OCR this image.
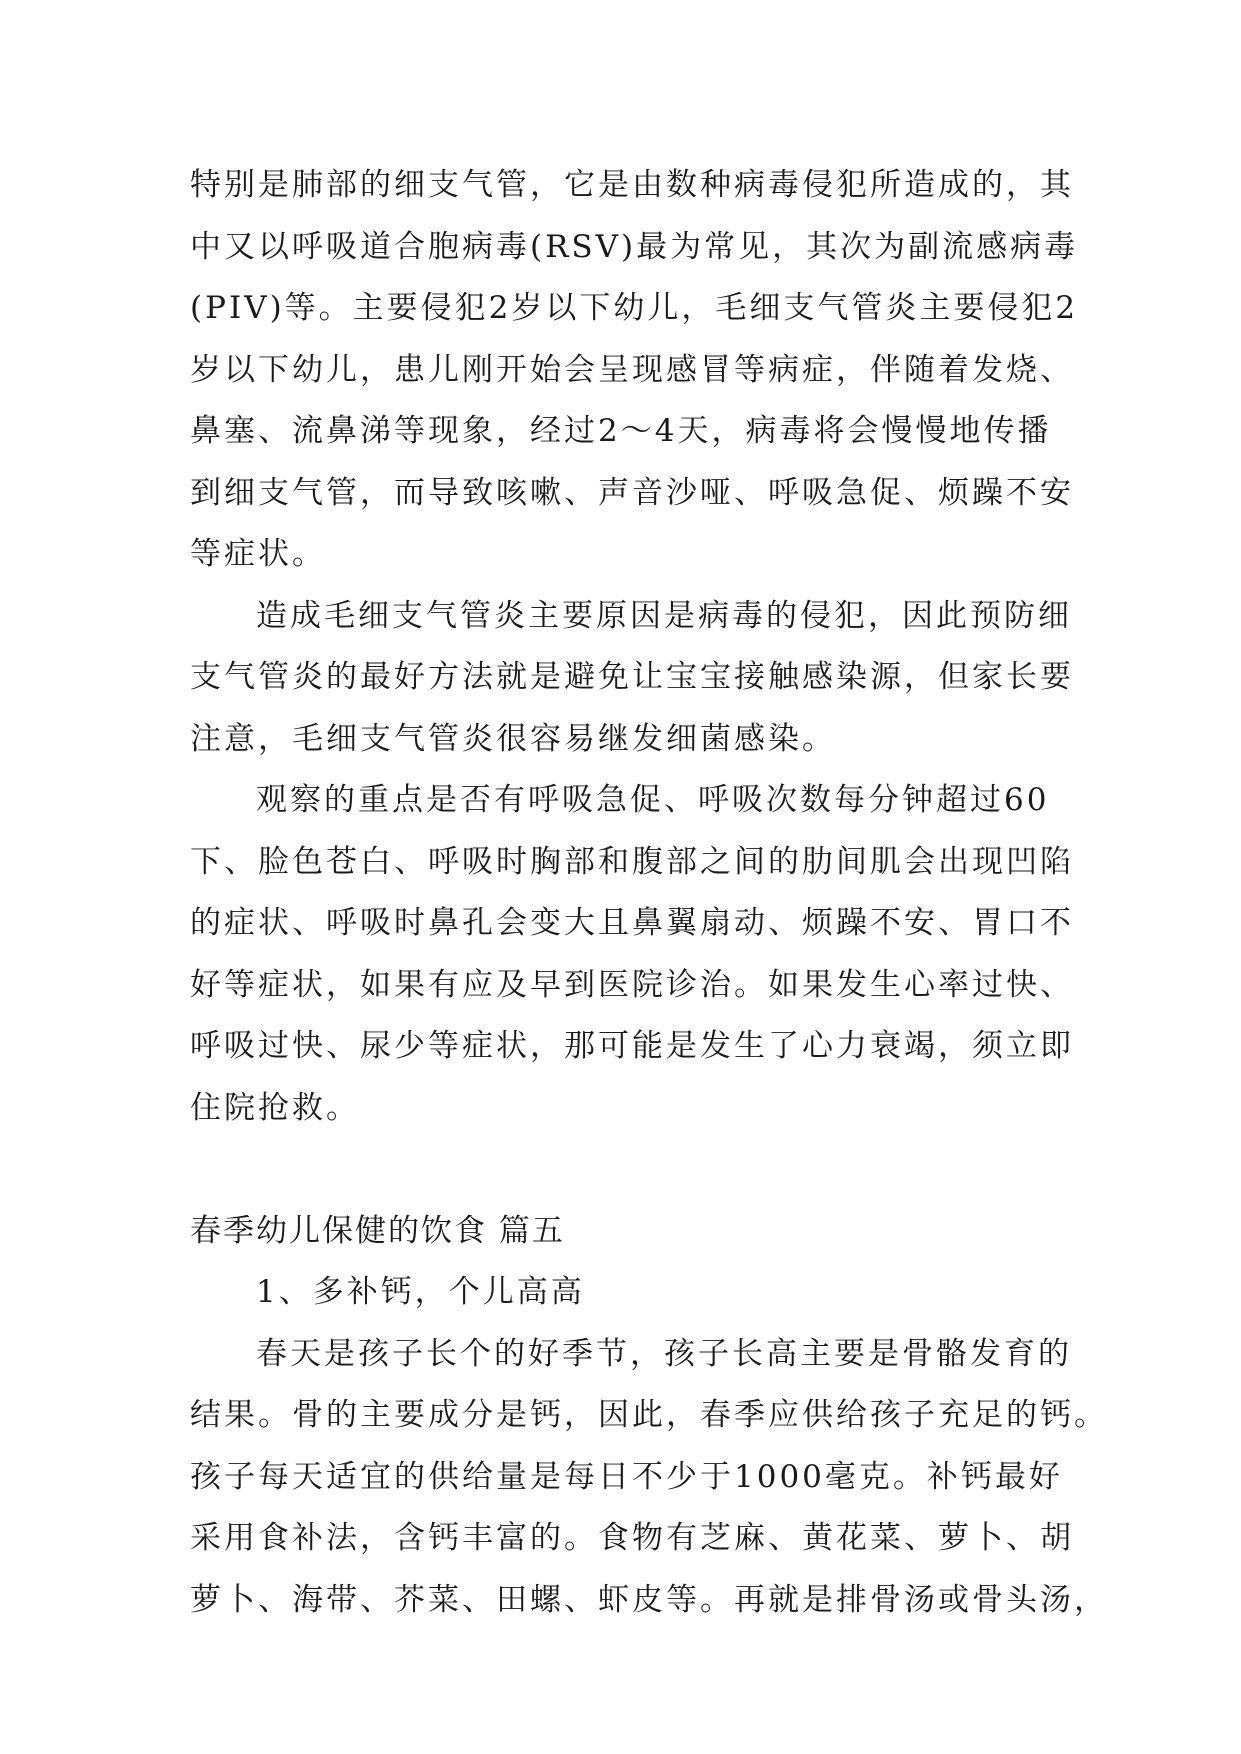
特别是肺部的细支气管，它是由数种病毒侵犯所造成的，其
中又以呼吸道合胞病毒(RSV)最为常见，其次为副流感病毒
(PIV)等。主要侵犯2岁以下幼儿，毛细支气管炎主要侵犯2
岁以下幼儿，患儿刚开始会呈现感冒等病症，伴随着发烧、
鼻塞、流鼻涕等现象，经过2～4天，病毒将会慢慢地传播
到细支气管，而导致咳嗽、声音沙哑、呼吸急促、烦躁不安
等症状。
造成毛细支气管炎主要原因是病毒的侵犯，因此预防细
支气管炎的最好方法就是避免让宝宝接触感染源，但家长要
注意，毛细支气管炎很容易继发细菌感染。
观察的重点是否有呼吸急促、呼吸次数每分钟超过60
下、脸色苍白、呼吸时胸部和腹部之间的肋间肌会出现凹陷
的症状、呼吸时鼻孔会变大且鼻翼扇动、烦躁不安、胃口不
好等症状，如果有应及早到医院诊治。如果发生心率过快、
呼吸过快、尿少等症状，那可能是发生了心力衰竭，须立即
住院抢救。
春季幼儿保健的饮食 篇五
1、多补钙，个儿高高
春天是孩子长个的好季节，孩子长高主要是骨骼发育的
结果。骨的主要成分是钙，因此，春季应供给孩子充足的钙。
孩子每天适宜的供给量是每日不少于1000毫克。补钙最好
采用食补法，含钙丰富的。食物有芝麻、黄花菜、萝卜、胡
萝卜、海带、芥菜、田螺、虾皮等。再就是排骨汤或骨头汤，
